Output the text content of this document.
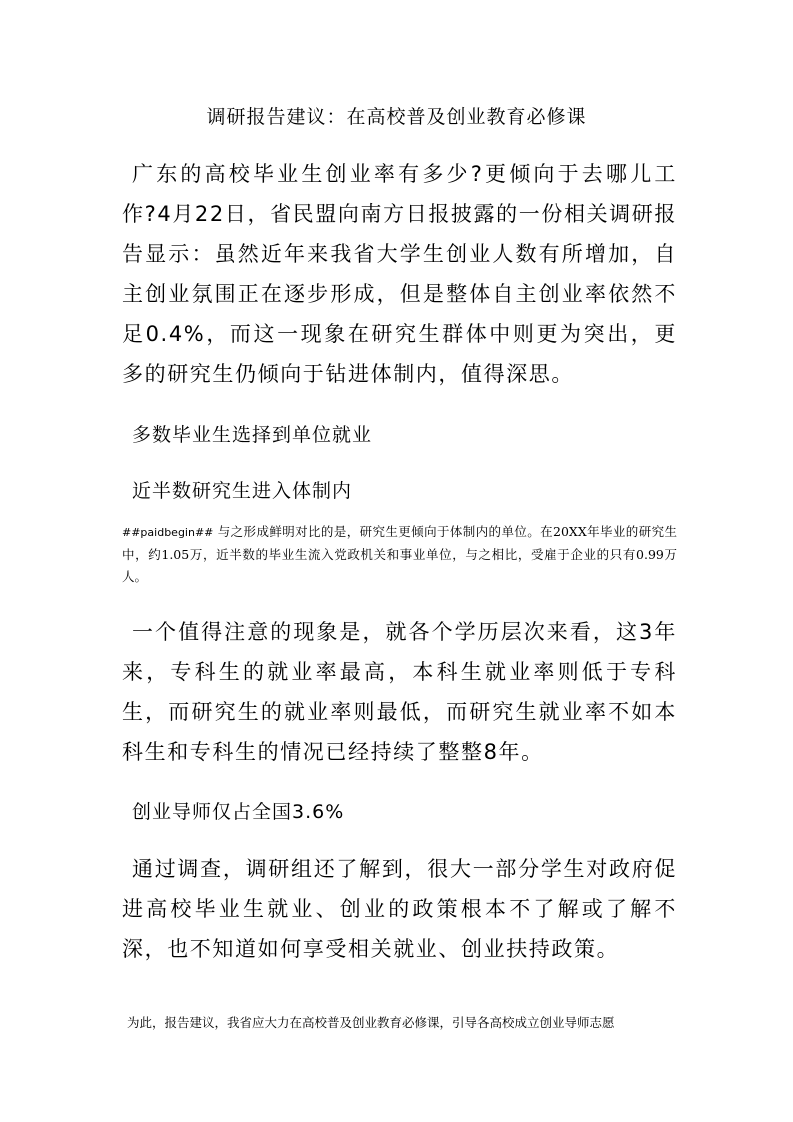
调研报告建议：在高校普及创业教育必修课

广东的高校毕业生创业率有多少?更倾向于去哪儿工作?4月22日，省民盟向南方日报披露的一份相关调研报告显示：虽然近年来我省大学生创业人数有所增加，自主创业氛围正在逐步形成，但是整体自主创业率依然不足0.4%，而这一现象在研究生群体中则更为突出，更多的研究生仍倾向于钻进体制内，值得深思。

多数毕业生选择到单位就业
近半数研究生进入体制内

##paidbegin## 与之形成鲜明对比的是，研究生更倾向于体制内的单位。在20XX年毕业的研究生中，约1.05万，近半数的毕业生流入党政机关和事业单位，与之相比，受雇于企业的只有0.99万人。

一个值得注意的现象是，就各个学历层次来看，这3年来，专科生的就业率最高，本科生就业率则低于专科生，而研究生的就业率则最低，而研究生就业率不如本科生和专科生的情况已经持续了整整8年。

创业导师仅占全国3.6%

通过调查，调研组还了解到，很大一部分学生对政府促进高校毕业生就业、创业的政策根本不了解或了解不深，也不知道如何享受相关就业、创业扶持政策。

为此，报告建议，我省应大力在高校普及创业教育必修课，引导各高校成立创业导师志愿
